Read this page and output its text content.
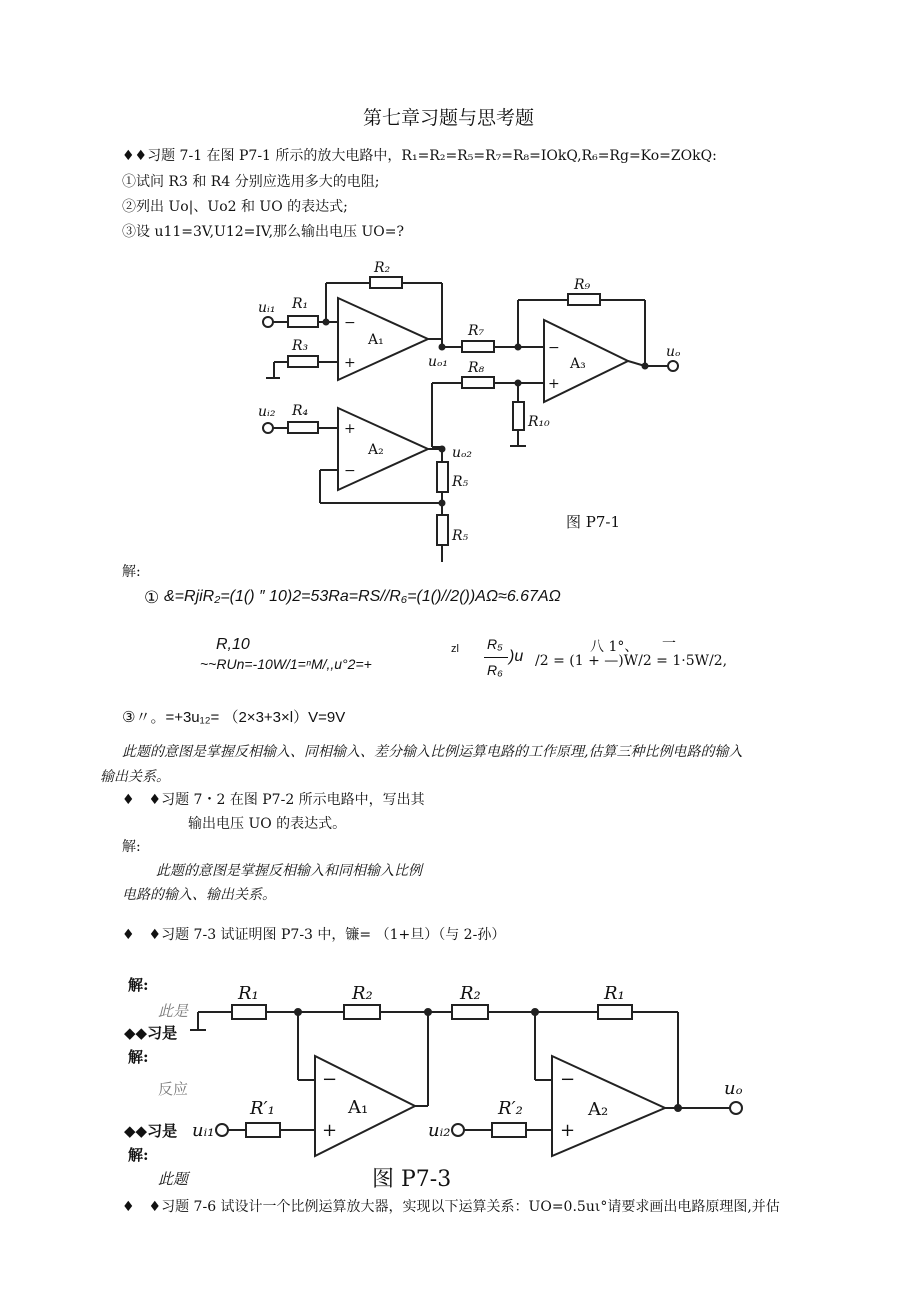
第七章习题与思考题
♦♦习题 7-1 在图 P7-1 所示的放大电路中，R₁=R₂=R₅=R₇=R₈=IOkQ,R₆=Rg=Ko=ZOkQ:
①试问 R3 和 R4 分别应选用多大的电阻;
②列出 Uo|、Uo2 和 UO 的表达式;
③设 u11=3V,U12=IV,那么输出电压 UO=?
R₁
R₂
R₃
R₄
R₅
R₅
R₇
R₈
R₉
R₁₀
uᵢ₁
uᵢ₂
uₒ₁
uₒ₂
uₒ
A₁
A₂
A₃
−
+
+
−
−
+
图 P7-1
解:
① &=RjiR₂=(1() ″ 10)2=53Ra=RS//R₆=(1()//2())AΩ≈6.67AΩ
R,10
~~RUn=-10W/1=ⁿM/,,u°2=+
zl R₅
R₆
)u
八 1°、 一
/2 = (1 + —)W/2 = 1·5W/2,
③〃。=+3u₁₂= （2×3+3×l）V=9V
此题的意图是掌握反相输入、同相输入、差分输入比例运算电路的工作原理,估算三种比例电路的输入
输出关系。
♦　♦习题 7・2 在图 P7-2 所示电路中，写出其
输出电压 UO 的表达式。
解:
此题的意图是掌握反相输入和同相输入比例
电路的输入、输出关系。
♦　♦习题 7-3 试证明图 P7-3 中，镰= （1+旦）（与 2-孙）
R₁	R₂	R₂	R₁
R′₁	R′₂
uᵢ₁	uᵢ₂
uₒ
A₁	A₂
−
+
−
+
图 P7-3
解:
此是
◆◆习是
解:
反应
◆◆习是
解:
此题
♦　♦习题 7-6 试设计一个比例运算放大器，实现以下运算关系：UO=0.5uι°请要求画出电路原理图,并估
